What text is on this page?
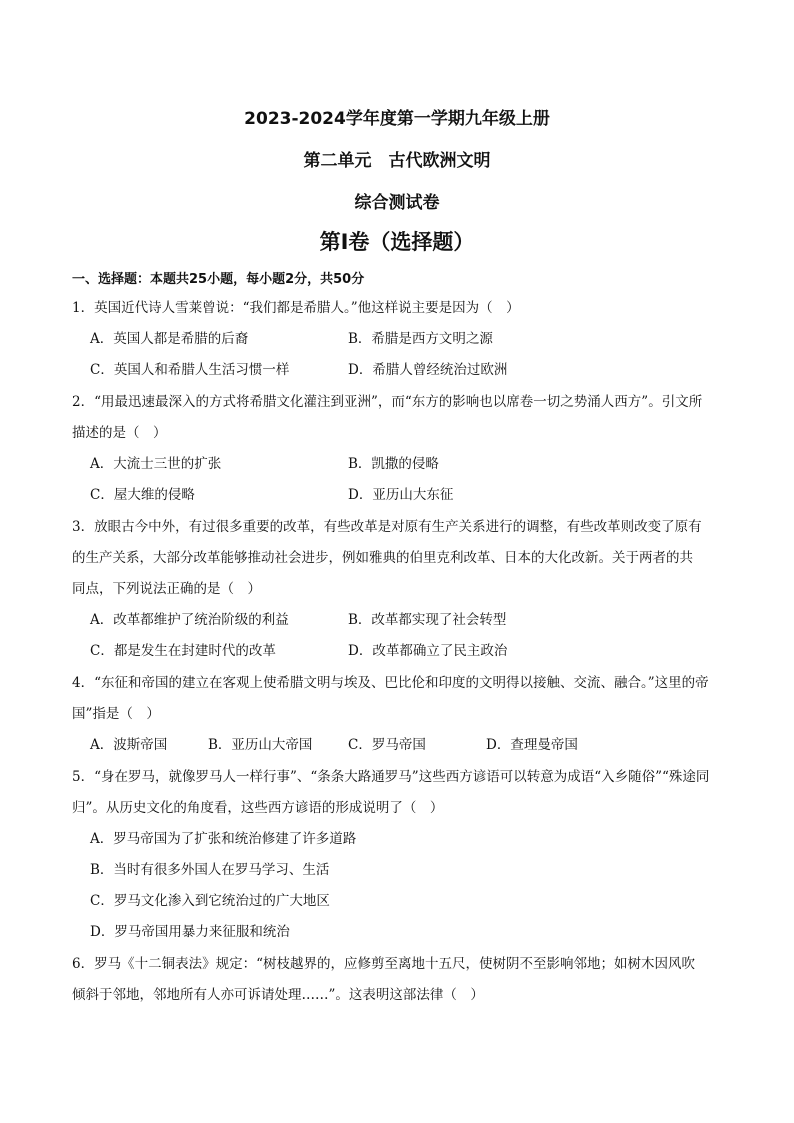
2023-2024学年度第一学期九年级上册
第二单元　古代欧洲文明
综合测试卷
第Ⅰ卷（选择题）
一、选择题：本题共25小题，每小题2分，共50分
1．英国近代诗人雪莱曾说：“我们都是希腊人。”他这样说主要是因为（　）
A．英国人都是希腊的后裔	B．希腊是西方文明之源
C．英国人和希腊人生活习惯一样	D．希腊人曾经统治过欧洲
2．“用最迅速最深入的方式将希腊文化灌注到亚洲”，而“东方的影响也以席卷一切之势涌人西方”。引文所
描述的是（　）
A．大流士三世的扩张	B．凯撒的侵略
C．屋大维的侵略	D．亚历山大东征
3．放眼古今中外，有过很多重要的改革，有些改革是对原有生产关系进行的调整，有些改革则改变了原有
的生产关系，大部分改革能够推动社会进步，例如雅典的伯里克利改革、日本的大化改新。关于两者的共
同点，下列说法正确的是（　）
A．改革都维护了统治阶级的利益	B．改革都实现了社会转型
C．都是发生在封建时代的改革	D．改革都确立了民主政治
4．“东征和帝国的建立在客观上使希腊文明与埃及、巴比伦和印度的文明得以接触、交流、融合。”这里的帝
国”指是（　）
A．波斯帝国	B．亚历山大帝国	C．罗马帝国	D．查理曼帝国
5．“身在罗马，就像罗马人一样行事”、“条条大路通罗马”这些西方谚语可以转意为成语“入乡随俗”“殊途同
归”。从历史文化的角度看，这些西方谚语的形成说明了（　）
A．罗马帝国为了扩张和统治修建了许多道路
B．当时有很多外国人在罗马学习、生活
C．罗马文化渗入到它统治过的广大地区
D．罗马帝国用暴力来征服和统治
6．罗马《十二铜表法》规定：“树枝越界的，应修剪至离地十五尺，使树阴不至影响邻地；如树木因风吹
倾斜于邻地，邻地所有人亦可诉请处理……”。这表明这部法律（　）
